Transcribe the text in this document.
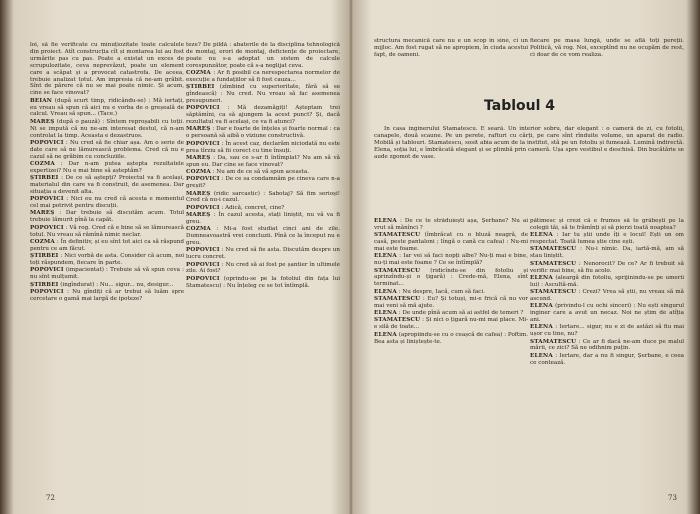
loi, să fie verificate cu minuțiozitate toate calculele din proiect. Atît construcția cît și montarea lui au fost urmărite pas cu pas. Poate a existat un exces de scrupulozitate, ceva neprevăzut, poate un element care a scăpat și a provocat catastrofa. De aceea, trebuie analizat totul. Am impresia că ne-am grăbit. Sînt de părere că nu se mai poate nimic. Și acum, cine se face vinovat?
BEIAN (după scurt timp, ridicându-se) : Mă iertați, eu vreau să spun că aici nu e vorba de o greșeală de calcul. Vreau să spun... (Tace.)
MAREȘ (după o pauză) : Sîntem reproșabili cu toții. Ni se impută că nu ne-am interesat destul, că n-am controlat la timp. Aceasta e dezastruos.
POPOVICI : Nu cred să fie chiar așa. Am o serie de date care să ne lămurească problema. Cred că nu e cazul să ne grăbim cu concluziile.
COZMA : Dar n-am putea aștepta rezultatele expertizei? Nu e mai bine să așteptăm?
ȘTIRBEI : De ce să aștepți? Proiectul va fi același, materialul din care va fi construit, de asemenea. Dar situația a devenit alta.
POPOVICI : Nici eu nu cred că acesta e momentul cel mai potrivit pentru discuții.
MAREȘ : Dar trebuie să discutăm acum. Totul trebuie lămurit pînă la capăt.
POPOVICI : Vă rog. Cred că e bine să se lămurească totul. Nu vreau să rămînă nimic neclar.
COZMA : În definitiv, și eu sînt tot aici ca să răspund pentru ce am făcut.
ȘTIRBEI : Nici vorbă de asta. Consider că acum, noi toți răspundem, fiecare în parte.
POPOVICI (impacientat) : Trebuie să vă spun ceva : nu sînt mulțumit.
ȘTIRBEI (ingîndurat) : Nu... sigur... nu, desigur...
POPOVICI : Nu gîndiți că ar trebui să luăm spre cercetare o gamă mai largă de ipoteze?
teze? De pildă : abaterile de la disciplina tehnologică de montaj, erori de montaj, deficiențe de proiectare, poate nu s-a adoptat un sistem de calcule corespunzător, poate că s-a neglijat ceva.
COZMA : Ar fi posibil ca nerespectarea normelor de execuție a fundațiilor să fi fost cauza...
ȘTIRBEI (zîmbind cu superioritate, fără să se gîndească) : Nu cred. Nu vreau să fac asemenea presupuneri.
POPOVICI : Mă dezamăgiți! Așteptam trei săptămîni, ca să ajungem la acest punct? Și, dacă rezultatul va fi același, ce va fi atunci?
MAREȘ : Dar e foarte de înțeles și foarte normal : ca o persoană să aibă o viziune constructivă.
POPOVICI : În acest caz, declarăm niciodată nu este prea tîrziu să fii corect cu tine însuți.
MAREȘ : Da, sau ce s-ar fi întîmplat? Nu am să vă spun eu. Dar cine se face vinovat?
COZMA : Nu am de ce să vă spun aceasta.
POPOVICI : De ce sa condamnăm pe cineva care n-a greșit?
MAREȘ (ridic sarcastic) : Sabotaj? Să fim serioși! Cred că nu-i cazul.
POPOVICI : Adică, concret, cine?
MAREȘ : În cazul acesta, stați liniștit, nu vă va fi greu.
COZMA : Mi-a fost studiat cinci ani de zile. Dumneavoastră vrei concluzii. Pînă ce la început nu e greu.
POPOVICI : Nu cred să fie asta. Discutăm despre un lucru concret.
POPOVICI : Nu cred să ai fost pe șantier în ultimele zile. Ai fost?
POPOVICI (oprindu-se pe la fotoliul din fața lui Stamatescu) : Nu înțeleg ce se tot întîmplă.
72
structura mecanică care nu e un scop în sine, ci un mijloc. Am fost rugat să ne apropiem, în ciuda acestui fapt, de oameni.
fiecare pe masa lungă, unde se află toți pereții. Politică, vă rog. Noi, exceptînd nu ne ocupăm de rest, ci doar de ce vom realiza.
Tabloul 4
În casa inginerului Stamatescu. E seară. Un interior sobru, dar elegant : o cameră de zi, cu fotolii, canapele, două scaune. Pe un perete, rafturi cu cărți, pe care sînt rînduite volume, un aparat de radio. Mobilă și tablouri. Stamatescu, sosit abia acum de la institut, stă pe un fotoliu și fumează. Lumină indirectă. Elena, soția lui, e îmbrăcată elegant și se plimbă prin cameră. Ușa spre vestibul e deschisă. Din bucătărie se aude zgomot de vase.
ELENA : De ce te străduiești așa, Șerbane? Nu ai vrut să mănînci ?
STAMATESCU (îmbrăcat cu o bluză neagră, de casă, peste pantaloni ; lîngă o cană cu cafea) : Nu-mi mai este foame.
ELENA : Iar vei să faci nopți albe? Nu-ți mai e bine, nu-ți mai este foame ? Ce se întîmplă?
STAMATESCU (ridicîndu-se din fotoliu și aprinzîndu-și o țigară) : Crede-mă, Elena, sînt terminat...
ELENA : Nu despre, Iacă, cum să faci.
STAMATESCU : Eu? Și totuși, mi-e frică că nu vor mai veni să mă ajute.
ELENA : De unde pînă acum să ai astfel de temeri ?
STAMATESCU : Și nici o țigară nu-mi mai place. Mi-e silă de toate...
ELENA (apropiindu-se cu o ceașcă de cafea) : Poftim. Bea asta și liniștește-te.
pătimesc și crezi că e frumos să te grăbești pe la colegii tăi, să te frămînți și să pierzi toată noaptea?
ELENA : Iar tu știi unde îți e locul! Ești un om respectat. Toată lumea știe cine ești.
STAMATESCU : Nu-i nimic. Da, iartă-mă, am să stau liniștit.
STAMATESCU : Nenorocit? De ce? Ar fi trebuit să verific mai bine, să fiu acolo.
ELENA (aleargă din fotoliu, sprijinindu-se pe umerii lui) : Ascultă-mă.
STAMATESCU : Crezi? Vrea să știi, nu vreau să mă ascund.
ELENA (privindu-l cu ochi sinceri) : Nu ești singurul inginer care a avut un necaz. Noi ne știm de atîția ani.
ELENA : Iertare... sigur, nu e zi de astăzi să fiu mai ușor cu tine, nu?
STAMATESCU : Ce ar fi dacă ne-am duce pe malul mării, ce zici? Să ne odihnim puțin.
ELENA : Iertare, dar a nu fi singur, Șerbane, e ceea ce contează.
73
